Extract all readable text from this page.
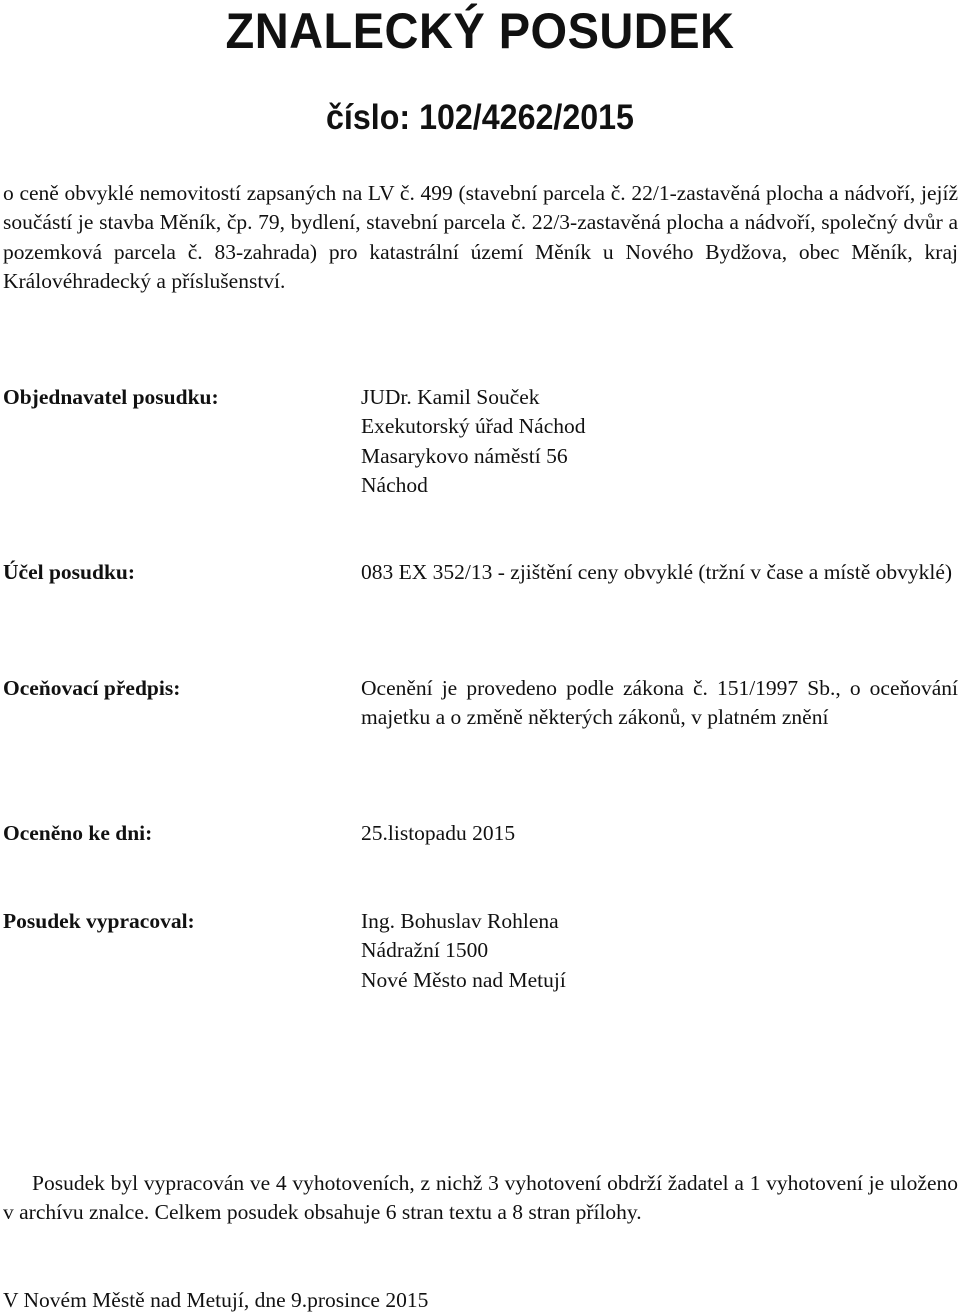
ZNALECKÝ POSUDEK
číslo: 102/4262/2015

o ceně obvyklé nemovitostí zapsaných na LV č. 499 (stavební parcela č. 22/1-zastavěná plocha a nádvoří, jejíž součástí je stavba Měník, čp. 79, bydlení, stavební parcela č. 22/3-zastavěná plocha a nádvoří, společný dvůr a pozemková parcela č. 83-zahrada) pro katastrální území Měník u Nového Bydžova, obec Měník, kraj Královéhradecký a příslušenství.

Objednavatel posudku:	JUDr. Kamil Souček
Exekutorský úřad Náchod
Masarykovo náměstí 56
Náchod

Účel posudku:	083 EX 352/13 - zjištění ceny obvyklé (tržní v čase a místě obvyklé)

Oceňovací předpis:	Ocenění je provedeno podle zákona č. 151/1997 Sb., o oceňování majetku a o změně některých zákonů, v platném znění

Oceněno ke dni:	25.listopadu 2015

Posudek vypracoval:	Ing. Bohuslav Rohlena
Nádražní 1500
Nové Město nad Metují

Posudek byl vypracován ve 4 vyhotoveních, z nichž 3 vyhotovení obdrží žadatel a 1 vyhotovení je uloženo v archívu znalce. Celkem posudek obsahuje 6 stran textu a 8 stran přílohy.

V Novém Městě nad Metují, dne 9.prosince 2015
